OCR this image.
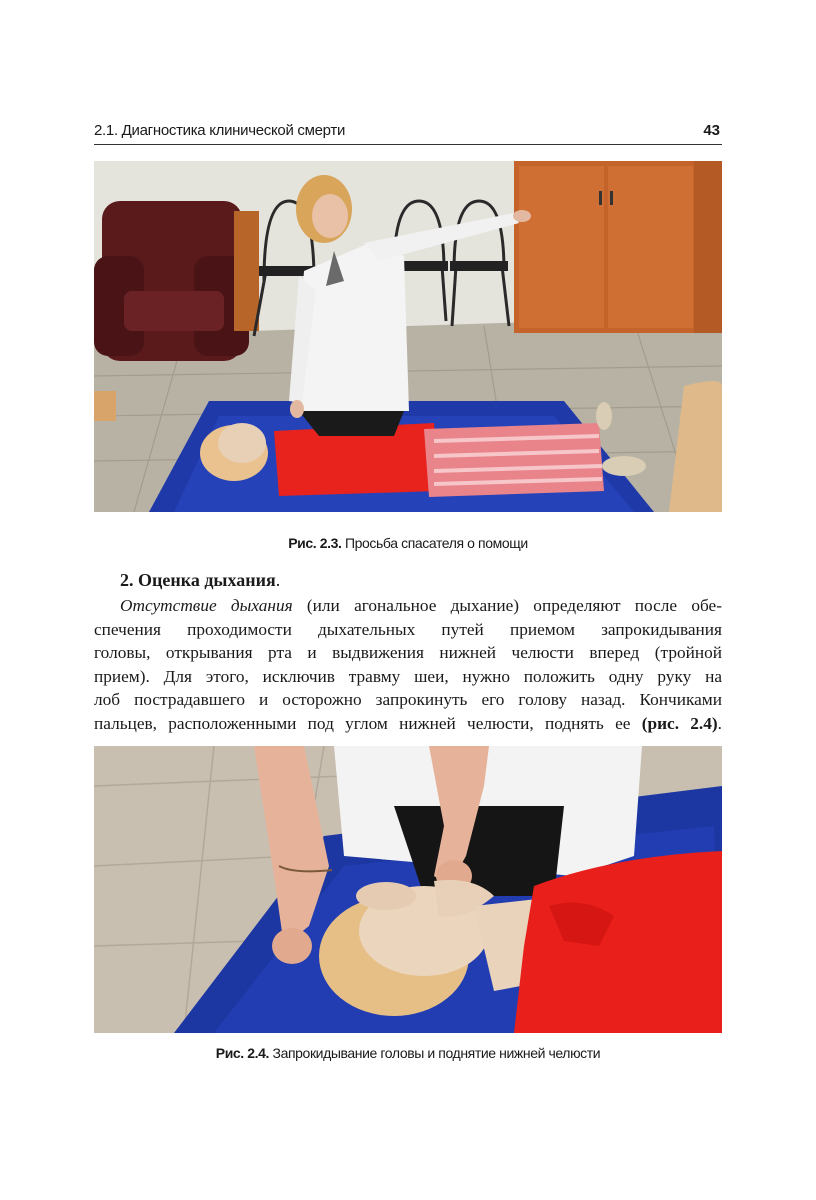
2.1. Диагностика клинической смерти	43
Рис. 2.3. Просьба спасателя о помощи
2. Оценка дыхания.
Отсутствие дыхания (или агональное дыхание) определяют после обе-
спечения проходимости дыхательных путей приемом запрокидывания
головы, открывания рта и выдвижения нижней челюсти вперед (тройной
прием). Для этого, исключив травму шеи, нужно положить одну руку на
лоб пострадавшего и осторожно запрокинуть его голову назад. Кончиками
пальцев, расположенными под углом нижней челюсти, поднять ее (рис. 2.4).
Рис. 2.4. Запрокидывание головы и поднятие нижней челюсти
